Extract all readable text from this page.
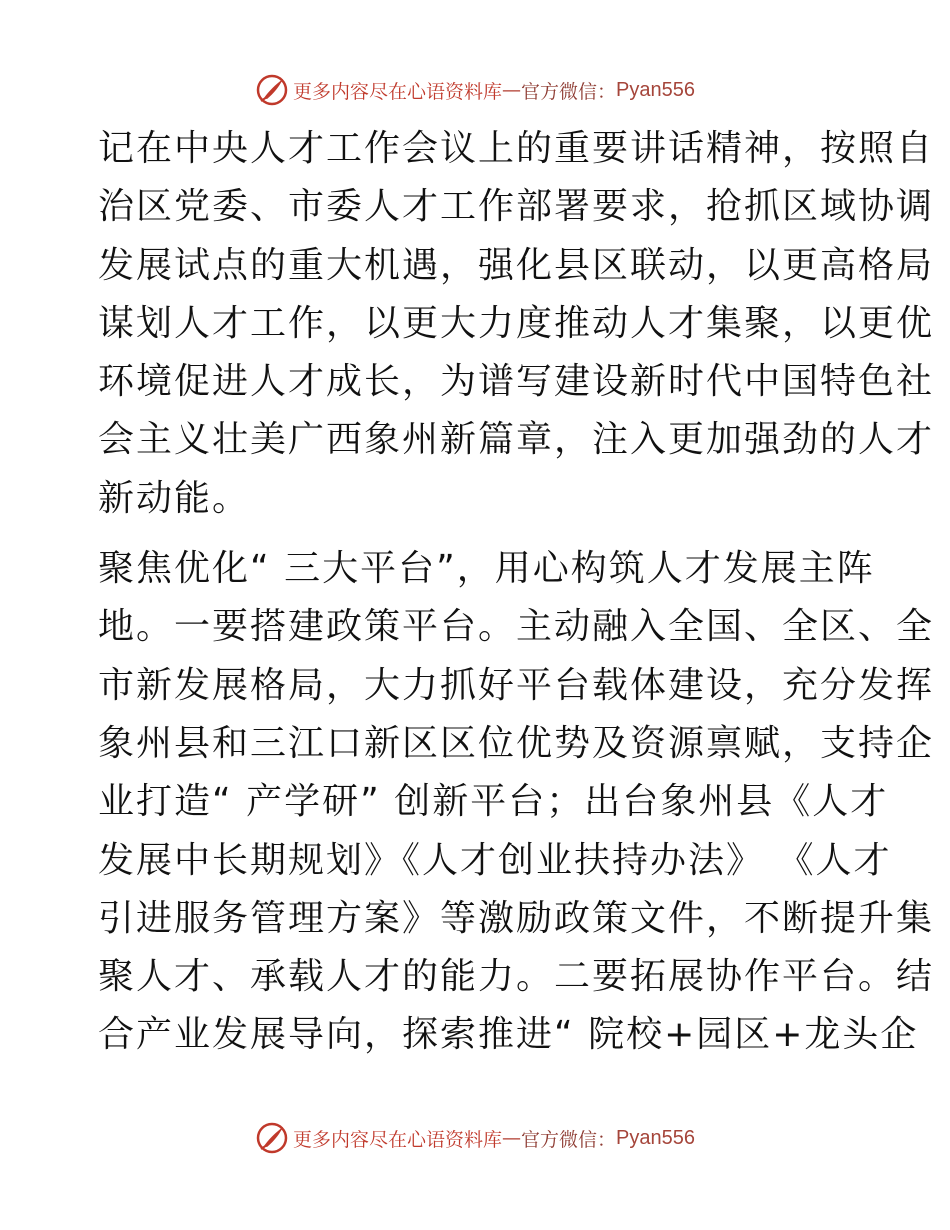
更多内容尽在心语资料库 — 官方微信： Pyan556

记在中央人才工作会议上的重要讲话精神，按照自
治区党委、市委人才工作部署要求，抢抓区域协调
发展试点的重大机遇，强化县区联动，以更高格局
谋划人才工作，以更大力度推动人才集聚，以更优
环境促进人才成长，为谱写建设新时代中国特色社
会主义壮美广西象州新篇章，注入更加强劲的人才
新动能。

聚焦优化“ 三大平台”，用心构筑人才发展主阵
地。一要搭建政策平台。主动融入全国、全区、全
市新发展格局，大力抓好平台载体建设，充分发挥
象州县和三江口新区区位优势及资源禀赋，支持企
业打造“ 产学研” 创新平台；出台象州县《人才
发展中长期规划》《人才创业扶持办法》 《人才
引进服务管理方案》等激励政策文件，不断提升集
聚人才、承载人才的能力。二要拓展协作平台。结
合产业发展导向，探索推进“ 院校+园区+龙头企

更多内容尽在心语资料库 — 官方微信： Pyan556
